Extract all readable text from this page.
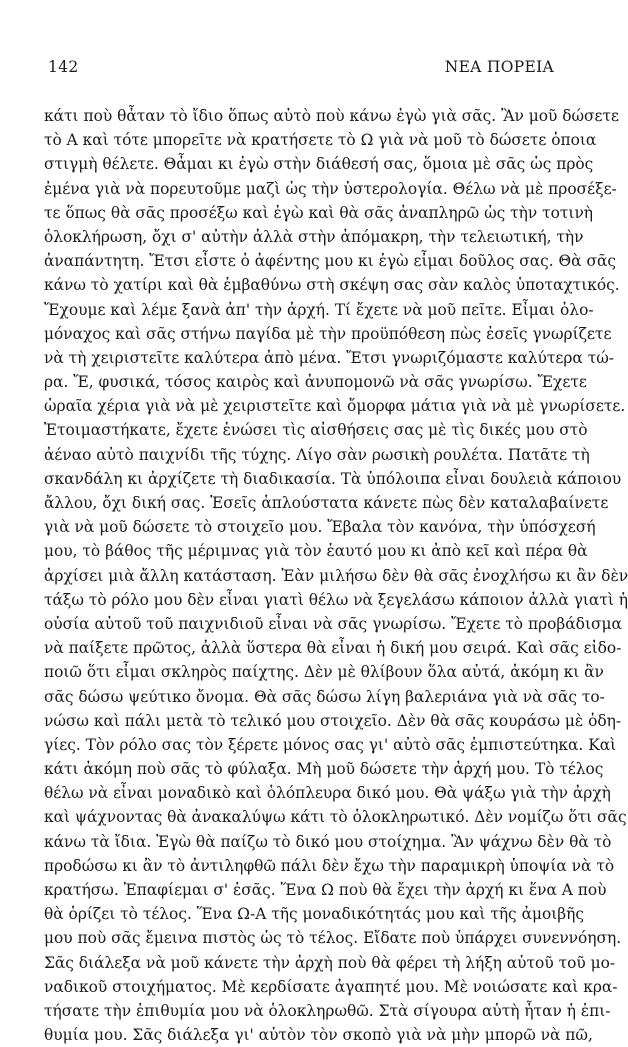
142	ΝΕΑ ΠΟΡΕΙΑ
κάτι ποὺ θἆταν τὸ ἴδιο ὅπως αὐτὸ ποὺ κάνω ἐγὼ γιὰ σᾶς. Ἂν μοῦ δώσετε
τὸ Α καὶ τότε μπορεῖτε νὰ κρατήσετε τὸ Ω γιὰ νὰ μοῦ τὸ δώσετε ὁποια
στιγμὴ θέλετε. Θἆμαι κι ἐγὼ στὴν διάθεσή σας, ὅμοια μὲ σᾶς ὡς πρὸς
ἐμένα γιὰ νὰ πορευτοῦμε μαζὶ ὡς τὴν ὑστερολογία. Θέλω νὰ μὲ προσέξε-
τε ὅπως θὰ σᾶς προσέξω καὶ ἐγὼ καὶ θὰ σᾶς ἀναπληρῶ ὡς τὴν τοτινὴ
ὁλοκλήρωση, ὄχι σ' αὐτὴν ἀλλὰ στὴν ἀπόμακρη, τὴν τελειωτική, τὴν
ἀναπάντητη. Ἔτσι εἶστε ὁ ἀφέντης μου κι ἐγὼ εἶμαι δοῦλος σας. Θὰ σᾶς
κάνω τὸ χατίρι καὶ θὰ ἐμβαθύνω στὴ σκέψη σας σὰν καλὸς ὑποταχτικός.
Ἔχουμε καὶ λέμε ξανὰ ἀπ' τὴν ἀρχή. Τί ἔχετε νὰ μοῦ πεῖτε. Εἶμαι ὁλο-
μόναχος καὶ σᾶς στήνω παγίδα μὲ τὴν προϋπόθεση πὼς ἐσεῖς γνωρίζετε
νὰ τὴ χειριστεῖτε καλύτερα ἀπὸ μένα. Ἔτσι γνωριζόμαστε καλύτερα τώ-
ρα. Ἔ, φυσικά, τόσος καιρὸς καὶ ἀνυπομονῶ νὰ σᾶς γνωρίσω. Ἔχετε
ὡραῖα χέρια γιὰ νὰ μὲ χειριστεῖτε καὶ ὄμορφα μάτια γιὰ νὰ μὲ γνωρίσετε.
Ἑτοιμαστήκατε, ἔχετε ἑνώσει τὶς αἰσθήσεις σας μὲ τὶς δικές μου στὸ
ἀέναο αὐτὸ παιχνίδι τῆς τύχης. Λίγο σὰν ρωσικὴ ρουλέτα. Πατᾶτε τὴ
σκανδάλη κι ἀρχίζετε τὴ διαδικασία. Τὰ ὑπόλοιπα εἶναι δουλειὰ κάποιου
ἄλλου, ὄχι δική σας. Ἐσεῖς ἁπλούστατα κάνετε πὼς δὲν καταλαβαίνετε
γιὰ νὰ μοῦ δώσετε τὸ στοιχεῖο μου. Ἔβαλα τὸν κανόνα, τὴν ὑπόσχεσή
μου, τὸ βάθος τῆς μέριμνας γιὰ τὸν ἑαυτό μου κι ἀπὸ κεῖ καὶ πέρα θὰ
ἀρχίσει μιὰ ἄλλη κατάσταση. Ἐὰν μιλήσω δὲν θὰ σᾶς ἐνοχλήσω κι ἂν δὲν
τάξω τὸ ρόλο μου δὲν εἶναι γιατὶ θέλω νὰ ξεγελάσω κάποιον ἀλλὰ γιατὶ ἡ
οὐσία αὐτοῦ τοῦ παιχνιδιοῦ εἶναι νὰ σᾶς γνωρίσω. Ἔχετε τὸ προβάδισμα
νὰ παίξετε πρῶτος, ἀλλὰ ὕστερα θὰ εἶναι ἡ δική μου σειρά. Καὶ σᾶς εἰδο-
ποιῶ ὅτι εἶμαι σκληρὸς παίχτης. Δὲν μὲ θλίβουν ὅλα αὐτά, ἀκόμη κι ἂν
σᾶς δώσω ψεύτικο ὄνομα. Θὰ σᾶς δώσω λίγη βαλεριάνα γιὰ νὰ σᾶς το-
νώσω καὶ πάλι μετὰ τὸ τελικό μου στοιχεῖο. Δὲν θὰ σᾶς κουράσω μὲ ὁδη-
γίες. Τὸν ρόλο σας τὸν ξέρετε μόνος σας γι' αὐτὸ σᾶς ἐμπιστεύτηκα. Καὶ
κάτι ἀκόμη ποὺ σᾶς τὸ φύλαξα. Μὴ μοῦ δώσετε τὴν ἀρχή μου. Τὸ τέλος
θέλω νὰ εἶναι μοναδικὸ καὶ ὁλόπλευρα δικό μου. Θὰ ψάξω γιὰ τὴν ἀρχὴ
καὶ ψάχνοντας θὰ ἀνακαλύψω κάτι τὸ ὁλοκληρωτικό. Δὲν νομίζω ὅτι σᾶς
κάνω τὰ ἴδια. Ἐγὼ θὰ παίζω τὸ δικό μου στοίχημα. Ἂν ψάχνω δὲν θὰ τὸ
προδώσω κι ἂν τὸ ἀντιληφθῶ πάλι δὲν ἔχω τὴν παραμικρὴ ὑποψία νὰ τὸ
κρατήσω. Ἐπαφίεμαι σ' ἐσᾶς. Ἕνα Ω ποὺ θὰ ἔχει τὴν ἀρχή κι ἕνα Α ποὺ
θὰ ὁρίζει τὸ τέλος. Ἕνα Ω-Α τῆς μοναδικότητάς μου καὶ τῆς ἀμοιβῆς
μου ποὺ σᾶς ἔμεινα πιστὸς ὡς τὸ τέλος. Εἴδατε ποὺ ὑπάρχει συνεννόηση.
Σᾶς διάλεξα νὰ μοῦ κάνετε τὴν ἀρχὴ ποὺ θὰ φέρει τὴ λήξη αὐτοῦ τοῦ μο-
ναδικοῦ στοιχήματος. Μὲ κερδίσατε ἀγαπητέ μου. Μὲ νοιώσατε καὶ κρα-
τήσατε τὴν ἐπιθυμία μου νὰ ὁλοκληρωθῶ. Στὰ σίγουρα αὐτὴ ἦταν ἡ ἐπι-
θυμία μου. Σᾶς διάλεξα γι' αὐτὸν τὸν σκοπὸ γιὰ νὰ μὴν μπορῶ νὰ πῶ,
